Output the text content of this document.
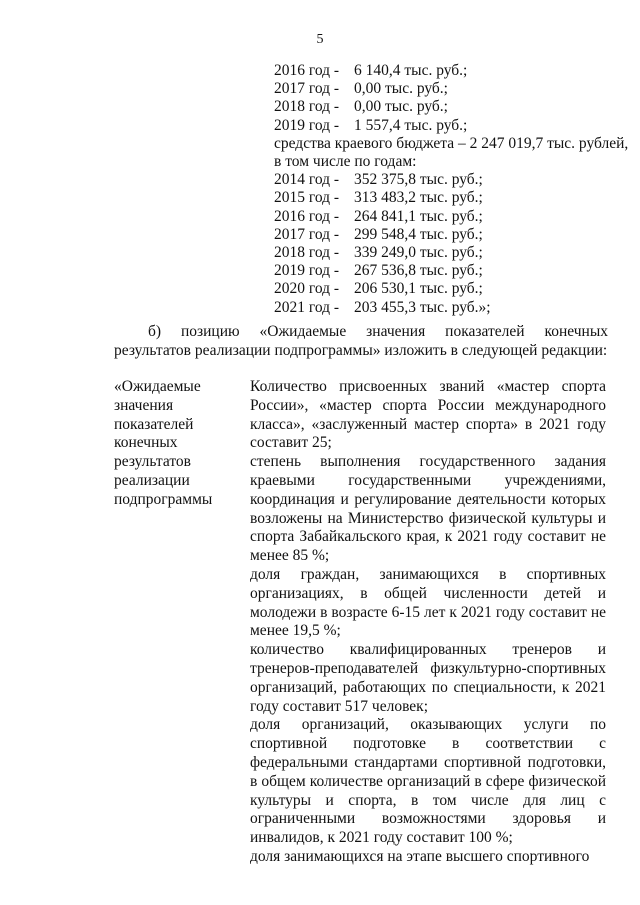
5
2016 год - 6 140,4 тыс. руб.;
2017 год - 0,00 тыс. руб.;
2018 год - 0,00 тыс. руб.;
2019 год - 1 557,4 тыс. руб.;
средства краевого бюджета – 2 247 019,7 тыс. рублей,
в том числе по годам:
2014 год - 352 375,8 тыс. руб.;
2015 год - 313 483,2 тыс. руб.;
2016 год - 264 841,1 тыс. руб.;
2017 год - 299 548,4 тыс. руб.;
2018 год - 339 249,0 тыс. руб.;
2019 год - 267 536,8 тыс. руб.;
2020 год - 206 530,1 тыс. руб.;
2021 год - 203 455,3 тыс. руб.»;

б) позицию «Ожидаемые значения показателей конечных результатов реализации подпрограммы» изложить в следующей редакции:

«Ожидаемые
значения
показателей
конечных
результатов
реализации
подпрограммы

Количество присвоенных званий «мастер спорта России», «мастер спорта России международного класса», «заслуженный мастер спорта» в 2021 году составит 25;

степень выполнения государственного задания краевыми государственными учреждениями, координация и регулирование деятельности которых возложены на Министерство физической культуры и спорта Забайкальского края, к 2021 году составит не менее 85 %;

доля граждан, занимающихся в спортивных организациях, в общей численности детей и молодежи в возрасте 6-15 лет к 2021 году составит не менее 19,5 %;

количество квалифицированных тренеров и тренеров-преподавателей физкультурно-спортивных организаций, работающих по специальности, к 2021 году составит 517 человек;

доля организаций, оказывающих услуги по спортивной подготовке в соответствии с федеральными стандартами спортивной подготовки, в общем количестве организаций в сфере физической культуры и спорта, в том числе для лиц с ограниченными возможностями здоровья и инвалидов, к 2021 году составит 100 %;

доля занимающихся на этапе высшего спортивного
